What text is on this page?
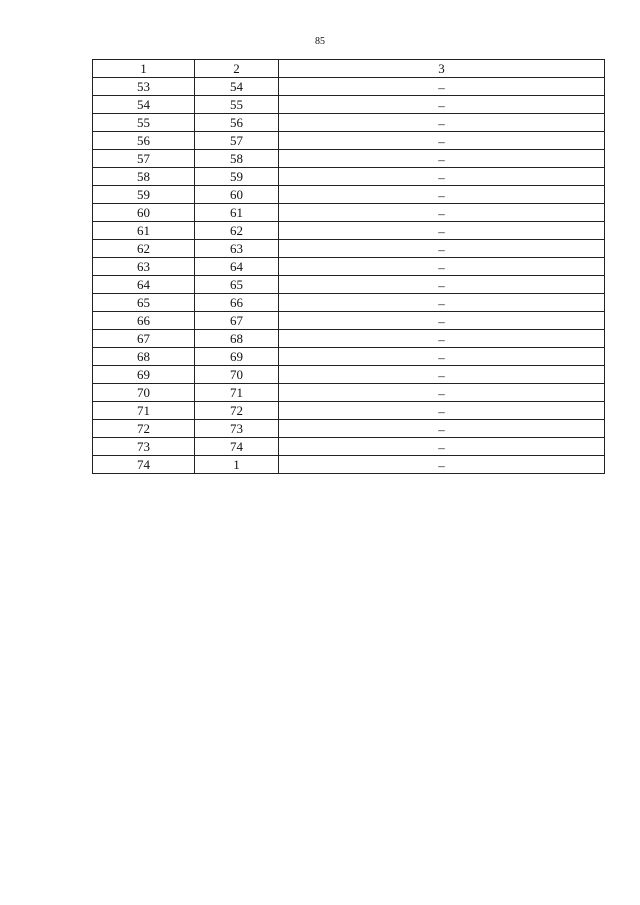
85
1	2	3
53	54	–
54	55	–
55	56	–
56	57	–
57	58	–
58	59	–
59	60	–
60	61	–
61	62	–
62	63	–
63	64	–
64	65	–
65	66	–
66	67	–
67	68	–
68	69	–
69	70	–
70	71	–
71	72	–
72	73	–
73	74	–
74	1	–
